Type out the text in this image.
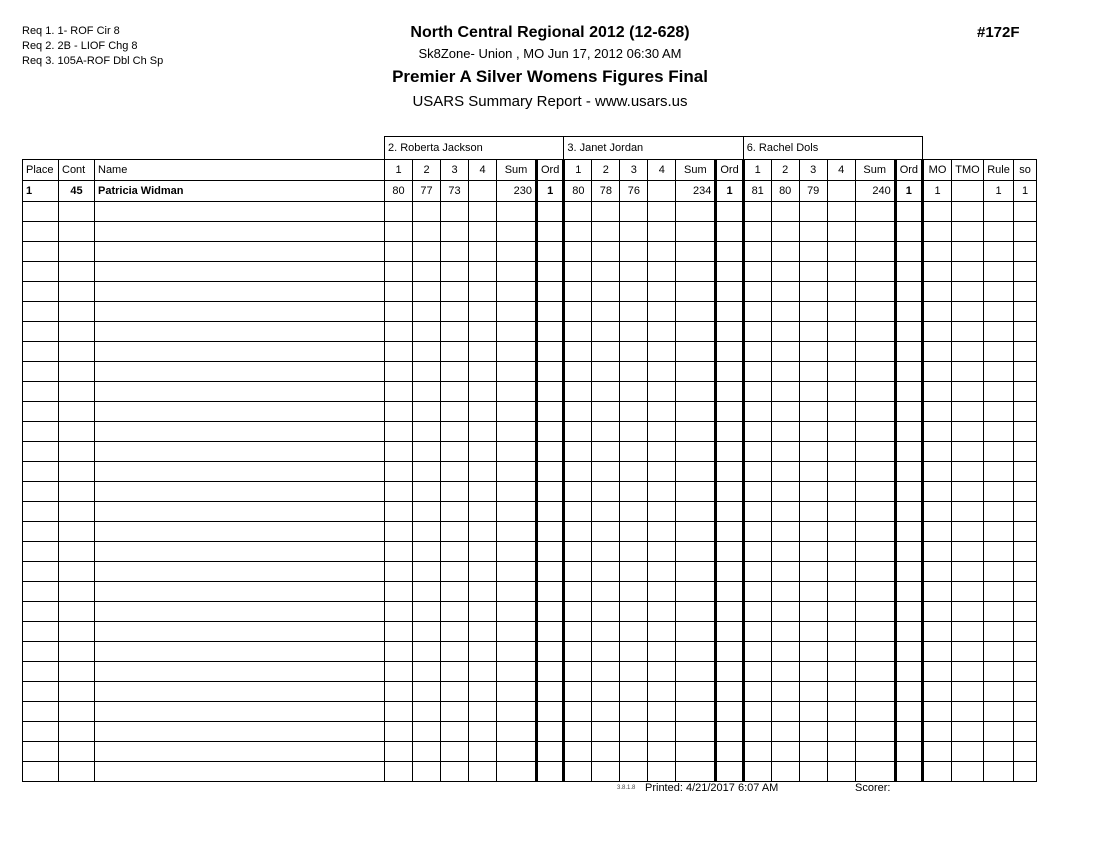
Req 1. 1- ROF Cir 8
Req 2. 2B - LIOF Chg 8
Req 3. 105A-ROF Dbl Ch Sp
#172F
North Central Regional 2012 (12-628)
Sk8Zone- Union , MO Jun 17, 2012 06:30 AM
Premier A Silver Womens Figures Final
USARS Summary Report - www.usars.us
			2. Roberta Jackson						3. Janet Jordan						6. Rachel Dols									
Place	Cont	Name	1	2	3	4	Sum	Ord	1	2	3	4	Sum	Ord	1	2	3	4	Sum	Ord	MO	TMO	Rule	so
1	45	Patricia Widman	80	77	73		230	1	80	78	76		234	1	81	80	79		240	1	1		1	1

3.8.1.8 Printed: 4/21/2017 6:07 AM	Scorer:
